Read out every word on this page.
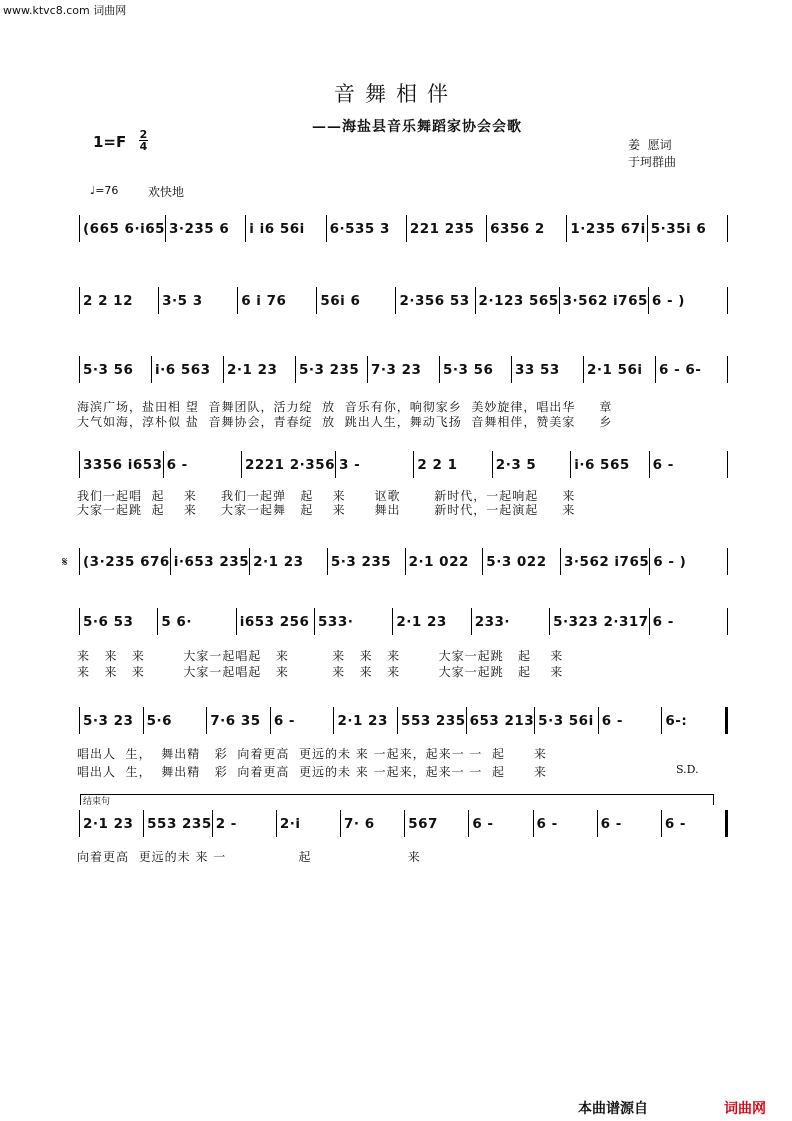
www.ktvc8.com 词曲网
音舞相伴
——海盐县音乐舞蹈家协会会歌
1=F 2
4	姜  愿词
于珂群曲
♩=76 欢快地
(665 6·i65 3·235 6	i i6 56i	6·535 3	221 235	6356 2	1·235 67i 5·35i 6
2 2 12	3·5 3	6 i 76	56i 6	2·356 53 2·123 565 3·562 i765 6 - )
5·3 56	i·6 563	2·1 23	5·3 235 7·3 23	5·3 56	33 53	2·1 56i	6 - 6-
3356 i653 6 -	2221 2·356 3 -	2 2 1	2·3 5	i·6 565	6 -
(3·235 676 i·653 235 2·1 23	5·3 235	2·1 022	5·3 022	3·562 i765 6 - )
5·6 53	5 6·	i653 256 533·	2·1 23	233·	5·323 2·317 6 -
5·3 23 5·6	7·6 35 6 -	2·1 23 553 235 653 213 5·3 56i 6 -	6-:
2·1 23	553 235 2 -	2·i	7· 6	567	6 -	6 -	6 -	6 -
海滨广场，盐田相 望  音舞团队，活力绽  放  音乐有你，响彻家乡  美妙旋律，唱出华     章
大气如海，淳朴似 盐  音舞协会，青春绽  放  跳出人生，舞动飞扬  音舞相伴，赞美家     乡
我们一起唱  起    来     我们一起弹   起    来      讴歌       新时代，一起响起     来
大家一起跳  起    来     大家一起舞   起    来      舞出       新时代，一起演起     来
来   来   来        大家一起唱起   来         来   来   来        大家一起跳   起    来
来   来   来        大家一起唱起   来         来   来   来        大家一起跳   起    来
唱出人  生，  舞出精   彩  向着更高  更远的未 来 一起来，起来一 一  起      来
唱出人  生，  舞出精   彩  向着更高  更远的未 来 一起来，起来一 一  起      来
向着更高  更远的未 来 一               起                    来
𝄋
S.D.
结束句
本曲谱源自	词曲网
